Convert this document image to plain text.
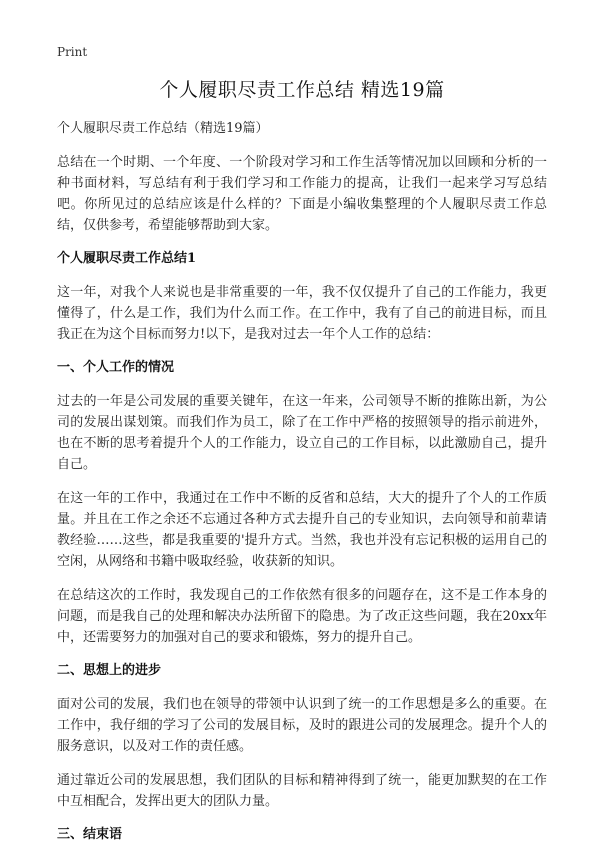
Print
个人履职尽责工作总结 精选19篇
个人履职尽责工作总结（精选19篇）

总结在一个时期、一个年度、一个阶段对学习和工作生活等情况加以回顾和分析的一种书面材料，写总结有利于我们学习和工作能力的提高，让我们一起来学习写总结吧。你所见过的总结应该是什么样的？下面是小编收集整理的个人履职尽责工作总结，仅供参考，希望能够帮助到大家。

个人履职尽责工作总结1

这一年，对我个人来说也是非常重要的一年，我不仅仅提升了自己的工作能力，我更懂得了，什么是工作，我们为什么而工作。在工作中，我有了自己的前进目标，而且我正在为这个目标而努力!以下，是我对过去一年个人工作的总结：

一、个人工作的情况

过去的一年是公司发展的重要关键年，在这一年来，公司领导不断的推陈出新，为公司的发展出谋划策。而我们作为员工，除了在工作中严格的按照领导的指示前进外，也在不断的思考着提升个人的工作能力，设立自己的工作目标，以此激励自己，提升自己。

在这一年的工作中，我通过在工作中不断的反省和总结，大大的提升了个人的工作质量。并且在工作之余还不忘通过各种方式去提升自己的专业知识，去向领导和前辈请教经验……这些，都是我重要的'提升方式。当然，我也并没有忘记积极的运用自己的空闲，从网络和书籍中吸取经验，收获新的知识。

在总结这次的工作时，我发现自己的工作依然有很多的问题存在，这不是工作本身的问题，而是我自己的处理和解决办法所留下的隐患。为了改正这些问题，我在20xx年中，还需要努力的加强对自己的要求和锻炼，努力的提升自己。

二、思想上的进步

面对公司的发展，我们也在领导的带领中认识到了统一的工作思想是多么的重要。在工作中，我仔细的学习了公司的发展目标，及时的跟进公司的发展理念。提升个人的服务意识，以及对工作的责任感。

通过靠近公司的发展思想，我们团队的目标和精神得到了统一，能更加默契的在工作中互相配合，发挥出更大的团队力量。

三、结束语
